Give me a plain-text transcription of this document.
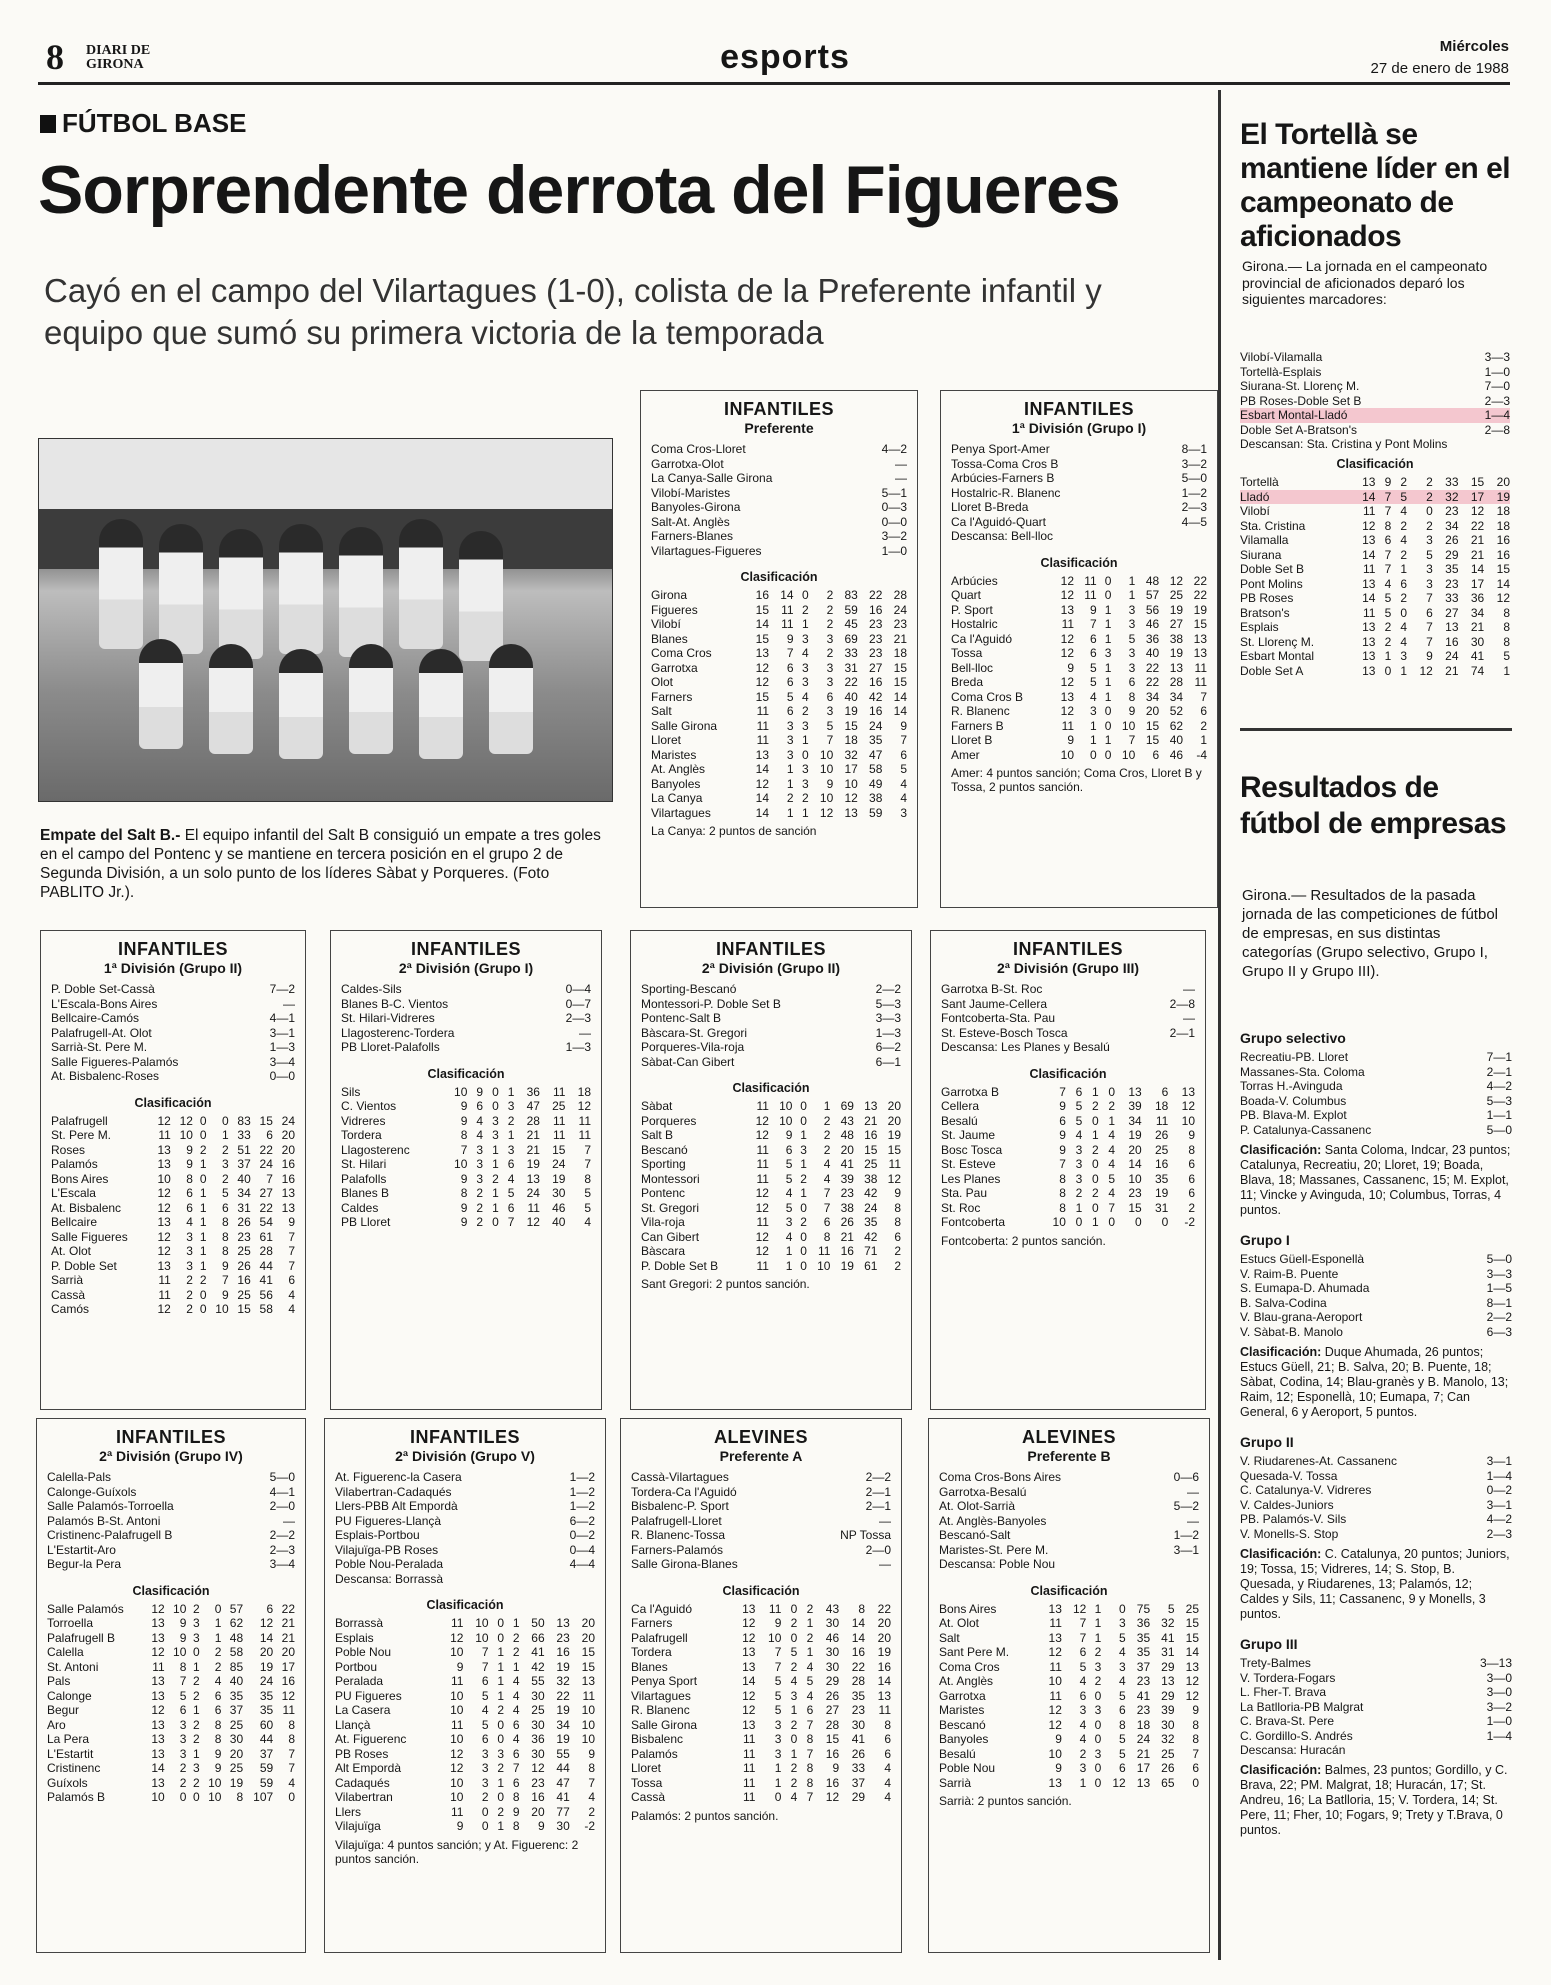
8 DIARI DE GIRONA	esports	Miércoles
27 de enero de 1988
FÚTBOL BASE
Sorprendente derrota del Figueres
Cayó en el campo del Vilartagues (1-0), colista de la Preferente infantil y equipo que sumó su primera victoria de la temporada
Empate del Salt B.- El equipo infantil del Salt B consiguió un empate a tres goles en el campo del Pontenc y se mantiene en tercera posición en el grupo 2 de Segunda División, a un solo punto de los líderes Sàbat y Porqueres. (Foto PABLITO Jr.).
INFANTILES
Preferente
Coma Cros-Lloret	4—2
Garrotxa-Olot	—
La Canya-Salle Girona	—
Vilobí-Maristes	5—1
Banyoles-Girona	0—3
Salt-At. Anglès	0—0
Farners-Blanes	3—2
Vilartagues-Figueres	1—0
Clasificación
Girona	16	14	0	2	83	22	28
Figueres	15	11	2	2	59	16	24
Vilobí	14	11	1	2	45	23	23
Blanes	15	9	3	3	69	23	21
Coma Cros	13	7	4	2	33	23	18
Garrotxa	12	6	3	3	31	27	15
Olot	12	6	3	3	22	16	15
Farners	15	5	4	6	40	42	14
Salt	11	6	2	3	19	16	14
Salle Girona	11	3	3	5	15	24	9
Lloret	11	3	1	7	18	35	7
Maristes	13	3	0	10	32	47	6
At. Anglès	14	1	3	10	17	58	5
Banyoles	12	1	3	9	10	49	4
La Canya	14	2	2	10	12	38	4
Vilartagues	14	1	1	12	13	59	3
La Canya: 2 puntos de sanción
INFANTILES
1ª División (Grupo I)
Penya Sport-Amer	8—1
Tossa-Coma Cros B	3—2
Arbúcies-Farners B	5—0
Hostalric-R. Blanenc	1—2
Lloret B-Breda	2—3
Ca l'Aguidó-Quart	4—5
Descansa: Bell-lloc	
Clasificación
Arbúcies	12	11	0	1	48	12	22
Quart	12	11	0	1	57	25	22
P. Sport	13	9	1	3	56	19	19
Hostalric	11	7	1	3	46	27	15
Ca l'Aguidó	12	6	1	5	36	38	13
Tossa	12	6	3	3	40	19	13
Bell-lloc	9	5	1	3	22	13	11
Breda	12	5	1	6	22	28	11
Coma Cros B	13	4	1	8	34	34	7
R. Blanenc	12	3	0	9	20	52	6
Farners B	11	1	0	10	15	62	2
Lloret B	9	1	1	7	15	40	1
Amer	10	0	0	10	6	46	-4
Amer: 4 puntos sanción; Coma Cros, Lloret B y Tossa, 2 puntos sanción.
INFANTILES
1ª División (Grupo II)
P. Doble Set-Cassà	7—2
L'Escala-Bons Aires	—
Bellcaire-Camós	4—1
Palafrugell-At. Olot	3—1
Sarrià-St. Pere M.	1—3
Salle Figueres-Palamós	3—4
At. Bisbalenc-Roses	0—0
Clasificación
Palafrugell	12	12	0	0	83	15	24
St. Pere M.	11	10	0	1	33	6	20
Roses	13	9	2	2	51	22	20
Palamós	13	9	1	3	37	24	16
Bons Aires	10	8	0	2	40	7	16
L'Escala	12	6	1	5	34	27	13
At. Bisbalenc	12	6	1	6	31	22	13
Bellcaire	13	4	1	8	26	54	9
Salle Figueres	12	3	1	8	23	61	7
At. Olot	12	3	1	8	25	28	7
P. Doble Set	13	3	1	9	26	44	7
Sarrià	11	2	2	7	16	41	6
Cassà	11	2	0	9	25	56	4
Camós	12	2	0	10	15	58	4
INFANTILES
2ª División (Grupo I)
Caldes-Sils	0—4
Blanes B-C. Vientos	0—7
St. Hilari-Vidreres	2—3
Llagosterenc-Tordera	—
PB Lloret-Palafolls	1—3
Clasificación
Sils	10	9	0	1	36	11	18
C. Vientos	9	6	0	3	47	25	12
Vidreres	9	4	3	2	28	11	11
Tordera	8	4	3	1	21	11	11
Llagosterenc	7	3	1	3	21	15	7
St. Hilari	10	3	1	6	19	24	7
Palafolls	9	3	2	4	13	19	8
Blanes B	8	2	1	5	24	30	5
Caldes	9	2	1	6	11	46	5
PB Lloret	9	2	0	7	12	40	4
INFANTILES
2ª División (Grupo II)
Sporting-Bescanó	2—2
Montessori-P. Doble Set B	5—3
Pontenc-Salt B	3—3
Bàscara-St. Gregori	1—3
Porqueres-Vila-roja	6—2
Sàbat-Can Gibert	6—1
Clasificación
Sàbat	11	10	0	1	69	13	20
Porqueres	12	10	0	2	43	21	20
Salt B	12	9	1	2	48	16	19
Bescanó	11	6	3	2	20	15	15
Sporting	11	5	1	4	41	25	11
Montessori	11	5	2	4	39	38	12
Pontenc	12	4	1	7	23	42	9
St. Gregori	12	5	0	7	38	24	8
Vila-roja	11	3	2	6	26	35	8
Can Gibert	12	4	0	8	21	42	6
Bàscara	12	1	0	11	16	71	2
P. Doble Set B	11	1	0	10	19	61	2
Sant Gregori: 2 puntos sanción.
INFANTILES
2ª División (Grupo III)
Garrotxa B-St. Roc	—
Sant Jaume-Cellera	2—8
Fontcoberta-Sta. Pau	—
St. Esteve-Bosch Tosca	2—1
Descansa: Les Planes y Besalú	
Clasificación
Garrotxa B	7	6	1	0	13	6	13
Cellera	9	5	2	2	39	18	12
Besalú	6	5	0	1	34	11	10
St. Jaume	9	4	1	4	19	26	9
Bosc Tosca	9	3	2	4	20	25	8
St. Esteve	7	3	0	4	14	16	6
Les Planes	8	3	0	5	10	35	6
Sta. Pau	8	2	2	4	23	19	6
St. Roc	8	1	0	7	15	31	2
Fontcoberta	10	0	1	0	0	0	-2
Fontcoberta: 2 puntos sanción.
INFANTILES
2ª División (Grupo IV)
Calella-Pals	5—0
Calonge-Guíxols	4—1
Salle Palamós-Torroella	2—0
Palamós B-St. Antoni	—
Cristinenc-Palafrugell B	2—2
L'Estartit-Aro	2—3
Begur-la Pera	3—4
Clasificación
Salle Palamós	12	10	2	0	57	6	22
Torroella	13	9	3	1	62	12	21
Palafrugell B	13	9	3	1	48	14	21
Calella	12	10	0	2	58	20	20
St. Antoni	11	8	1	2	85	19	17
Pals	13	7	2	4	40	24	16
Calonge	13	5	2	6	35	35	12
Begur	12	6	1	6	37	35	11
Aro	13	3	2	8	25	60	8
La Pera	13	3	2	8	30	44	8
L'Estartit	13	3	1	9	20	37	7
Cristinenc	14	2	3	9	25	59	7
Guíxols	13	2	2	10	19	59	4
Palamós B	10	0	0	10	8	107	0
INFANTILES
2ª División (Grupo V)
At. Figuerenc-la Casera	1—2
Vilabertran-Cadaqués	1—2
Llers-PBB Alt Empordà	1—2
PU Figueres-Llançà	6—2
Esplais-Portbou	0—2
Vilajuïga-PB Roses	0—4
Poble Nou-Peralada	4—4
Descansa: Borrassà	
Clasificación
Borrassà	11	10	0	1	50	13	20
Esplais	12	10	0	2	66	23	20
Poble Nou	10	7	1	2	41	16	15
Portbou	9	7	1	1	42	19	15
Peralada	11	6	1	4	55	32	13
PU Figueres	10	5	1	4	30	22	11
La Casera	10	4	2	4	25	19	10
Llançà	11	5	0	6	30	34	10
At. Figuerenc	10	6	0	4	36	19	10
PB Roses	12	3	3	6	30	55	9
Alt Empordà	12	3	2	7	12	44	8
Cadaqués	10	3	1	6	23	47	7
Vilabertran	10	2	0	8	16	41	4
Llers	11	0	2	9	20	77	2
Vilajuïga	9	0	1	8	9	30	-2
Vilajuïga: 4 puntos sanción; y At. Figuerenc: 2 puntos sanción.
ALEVINES
Preferente A
Cassà-Vilartagues	2—2
Tordera-Ca l'Aguidó	2—1
Bisbalenc-P. Sport	2—1
Palafrugell-Lloret	—
R. Blanenc-Tossa	NP Tossa
Farners-Palamós	2—0
Salle Girona-Blanes	—
Clasificación
Ca l'Aguidó	13	11	0	2	43	8	22
Farners	12	9	2	1	30	14	20
Palafrugell	12	10	0	2	46	14	20
Tordera	13	7	5	1	30	16	19
Blanes	13	7	2	4	30	22	16
Penya Sport	14	5	4	5	29	28	14
Vilartagues	12	5	3	4	26	35	13
R. Blanenc	12	5	1	6	27	23	11
Salle Girona	13	3	2	7	28	30	8
Bisbalenc	11	3	0	8	15	41	6
Palamós	11	3	1	7	16	26	6
Lloret	11	1	2	8	9	33	4
Tossa	11	1	2	8	16	37	4
Cassà	11	0	4	7	12	29	4
Palamós: 2 puntos sanción.
ALEVINES
Preferente B
Coma Cros-Bons Aires	0—6
Garrotxa-Besalú	—
At. Olot-Sarrià	5—2
At. Anglès-Banyoles	—
Bescanó-Salt	1—2
Maristes-St. Pere M.	3—1
Descansa: Poble Nou	
Clasificación
Bons Aires	13	12	1	0	75	5	25
At. Olot	11	7	1	3	36	32	15
Salt	13	7	1	5	35	41	15
Sant Pere M.	12	6	2	4	35	31	14
Coma Cros	11	5	3	3	37	29	13
At. Anglès	10	4	2	4	23	13	12
Garrotxa	11	6	0	5	41	29	12
Maristes	12	3	3	6	23	39	9
Bescanó	12	4	0	8	18	30	8
Banyoles	9	4	0	5	24	32	8
Besalú	10	2	3	5	21	25	7
Poble Nou	9	3	0	6	17	26	6
Sarrià	13	1	0	12	13	65	0
Sarrià: 2 puntos sanción.
El Tortellà se mantiene líder en el campeonato de aficionados
Girona.— La jornada en el campeonato provincial de aficionados deparó los siguientes marcadores:
Vilobí-Vilamalla	3—3
Tortellà-Esplais	1—0
Siurana-St. Llorenç M.	7—0
PB Roses-Doble Set B	2—3
Esbart Montal-Lladó	1—4
Doble Set A-Bratson's	2—8
Descansan: Sta. Cristina y Pont Molins
Clasificación
Tortellà	13	9	2	2	33	15	20
Lladó	14	7	5	2	32	17	19
Vilobí	11	7	4	0	23	12	18
Sta. Cristina	12	8	2	2	34	22	18
Vilamalla	13	6	4	3	26	21	16
Siurana	14	7	2	5	29	21	16
Doble Set B	11	7	1	3	35	14	15
Pont Molins	13	4	6	3	23	17	14
PB Roses	14	5	2	7	33	36	12
Bratson's	11	5	0	6	27	34	8
Esplais	13	2	4	7	13	21	8
St. Llorenç M.	13	2	4	7	16	30	8
Esbart Montal	13	1	3	9	24	41	5
Doble Set A	13	0	1	12	21	74	1
Resultados de fútbol de empresas
Girona.— Resultados de la pasada jornada de las competiciones de fútbol de empresas, en sus distintas categorías (Grupo selectivo, Grupo I, Grupo II y Grupo III).
Grupo selectivo
Recreatiu-PB. Lloret	7—1
Massanes-Sta. Coloma	2—1
Torras H.-Avinguda	4—2
Boada-V. Columbus	5—3
PB. Blava-M. Explot	1—1
P. Catalunya-Cassanenc	5—0
Clasificación: Santa Coloma, Indcar, 23 puntos; Catalunya, Recreatiu, 20; Lloret, 19; Boada, Blava, 18; Massanes, Cassanenc, 15; M. Explot, 11; Vincke y Avinguda, 10; Columbus, Torras, 4 puntos.
Grupo I
Estucs Güell-Esponellà	5—0
V. Raim-B. Puente	3—3
S. Eumapa-D. Ahumada	1—5
B. Salva-Codina	8—1
V. Blau-grana-Aeroport	2—2
V. Sàbat-B. Manolo	6—3
Clasificación: Duque Ahumada, 26 puntos; Estucs Güell, 21; B. Salva, 20; B. Puente, 18; Sàbat, Codina, 14; Blau-granès y B. Manolo, 13; Raim, 12; Esponellà, 10; Eumapa, 7; Can General, 6 y Aeroport, 5 puntos.
Grupo II
V. Riudarenes-At. Cassanenc	3—1
Quesada-V. Tossa	1—4
C. Catalunya-V. Vidreres	0—2
V. Caldes-Juniors	3—1
PB. Palamós-V. Sils	4—2
V. Monells-S. Stop	2—3
Clasificación: C. Catalunya, 20 puntos; Juniors, 19; Tossa, 15; Vidreres, 14; S. Stop, B. Quesada, y Riudarenes, 13; Palamós, 12; Caldes y Sils, 11; Cassanenc, 9 y Monells, 3 puntos.
Grupo III
Trety-Balmes	3—13
V. Tordera-Fogars	3—0
L. Fher-T. Brava	3—0
La Batlloria-PB Malgrat	3—2
C. Brava-St. Pere	1—0
C. Gordillo-S. Andrés	1—4
Descansa: Huracán
Clasificación: Balmes, 23 puntos; Gordillo, y C. Brava, 22; PM. Malgrat, 18; Huracán, 17; St. Andreu, 16; La Batlloria, 15; V. Tordera, 14; St. Pere, 11; Fher, 10; Fogars, 9; Trety y T.Brava, 0 puntos.
